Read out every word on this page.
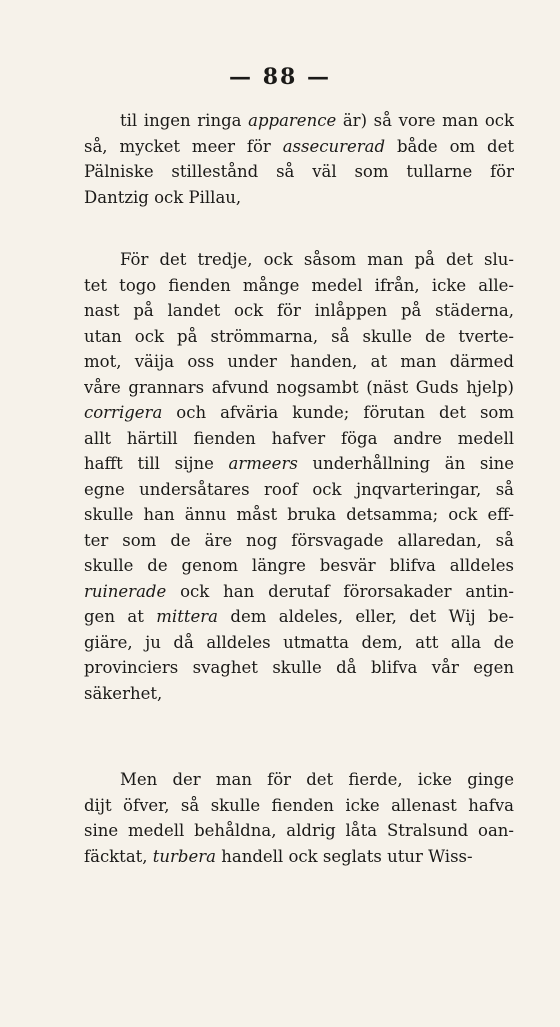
— 88 —
til ingen ringa apparence är) så vore man ock
så, mycket meer för assecurerad både om det
Pälniske stillestånd så väl som tullarne för
Dantzig ock Pillau,
För det tredje, ock såsom man på det slu-
tet togo fienden månge medel ifrån, icke alle-
nast på landet ock för inlåppen på städerna,
utan ock på strömmarna, så skulle de tverte-
mot, väija oss under handen, at man därmed
våre grannars afvund nogsambt (näst Guds hjelp)
corrigera och afväria kunde; förutan det som
allt härtill fienden hafver föga andre medell
hafft till sijne armeers underhållning än sine
egne undersåtares roof ock jnqvarteringar, så
skulle han ännu måst bruka detsamma; ock eff-
ter som de äre nog försvagade allaredan, så
skulle de genom längre besvär blifva alldeles
ruinerade ock han derutaf förorsakader antin-
gen at mittera dem aldeles, eller, det Wij be-
giäre, ju då alldeles utmatta dem, att alla de
provinciers svaghet skulle då blifva vår egen
säkerhet,
Men der man för det fierde, icke ginge
dijt öfver, så skulle fienden icke allenast hafva
sine medell behåldna, aldrig låta Stralsund oan-
fäcktat, turbera handell ock seglats utur Wiss-
